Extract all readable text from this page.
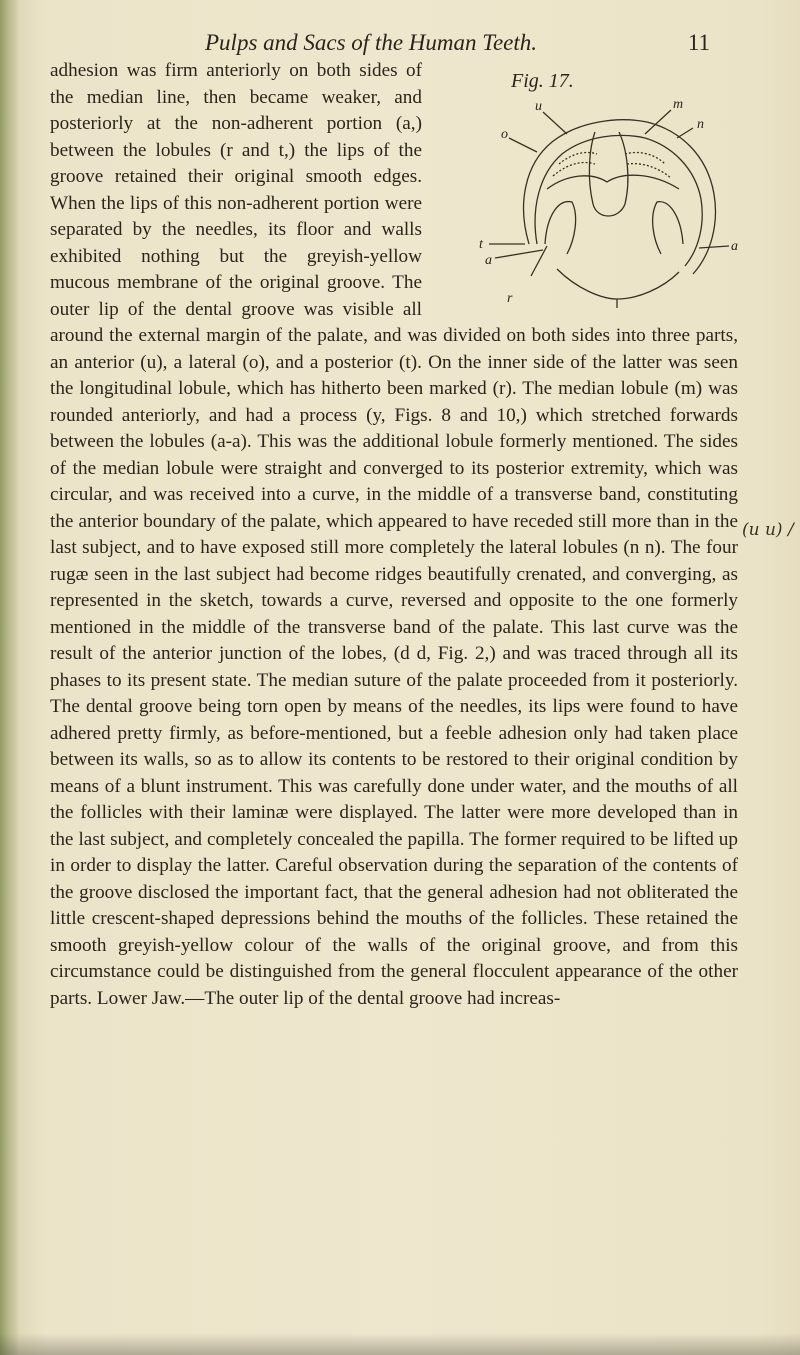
Pulps and Sacs of the Human Teeth.	11
Fig. 17.
u	m
n
o
t
a
a
r

adhesion was firm anteriorly on both sides of the median line, then became weaker, and posteriorly at the non-adherent portion (a,) between the lobules (r and t,) the lips of the groove retained their original smooth edges. When the lips of this non-adherent portion were separated by the needles, its floor and walls exhibited nothing but the greyish-yellow mucous membrane of the original groove. The outer lip of the dental groove was visible all around the external margin of the palate, and was divided on both sides into three parts, an anterior (u), a lateral (o), and a posterior (t). On the inner side of the latter was seen the longitudinal lobule, which has hitherto been marked (r). The median lobule (m) was rounded anteriorly, and had a process (y, Figs. 8 and 10,) which stretched forwards between the lobules (a-a). This was the additional lobule formerly mentioned. The sides of the median lobule were straight and converged to its posterior extremity, which was circular, and was received into a curve, in the middle of a transverse band, constituting the anterior boundary of the palate, which appeared to have receded still more than in the last subject, and to have exposed still more completely the lateral lobules (n n). The four rugæ seen in the last subject had become ridges beautifully crenated, and converging, as represented in the sketch, towards a curve, reversed and opposite to the one formerly mentioned in the middle of the transverse band of the palate. This last curve was the result of the anterior junction of the lobes, (d d, Fig. 2,) and was traced through all its phases to its present state. The median suture of the palate proceeded from it posteriorly. The dental groove being torn open by means of the needles, its lips were found to have adhered pretty firmly, as before-mentioned, but a feeble adhesion only had taken place between its walls, so as to allow its contents to be restored to their original condition by means of a blunt instrument. This was carefully done under water, and the mouths of all the follicles with their laminæ were displayed. The latter were more developed than in the last subject, and completely concealed the papilla. The former required to be lifted up in order to display the latter. Careful observation during the separation of the contents of the groove disclosed the important fact, that the general adhesion had not obliterated the little crescent-shaped depressions behind the mouths of the follicles. These retained the smooth greyish-yellow colour of the walls of the original groove, and from this circumstance could be distinguished from the general flocculent appearance of the other parts. Lower Jaw.—The outer lip of the dental groove had increas-

(u u) /
